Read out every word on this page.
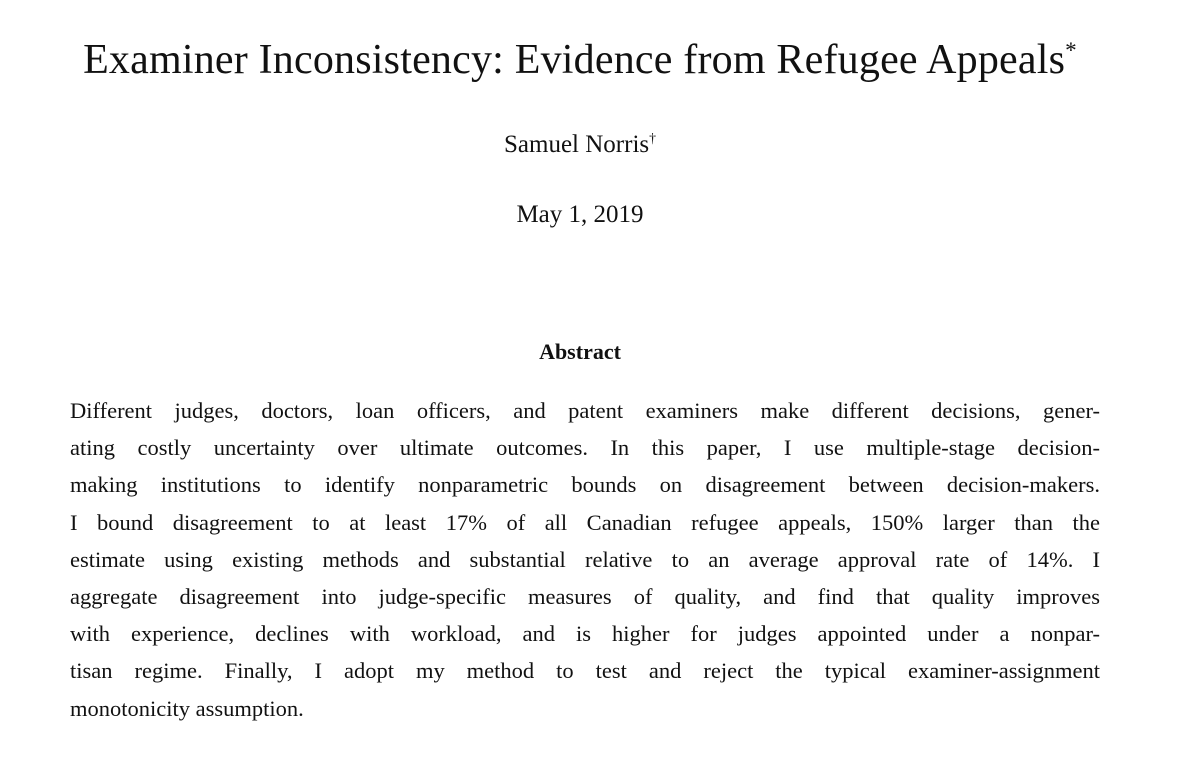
Examiner Inconsistency: Evidence from Refugee Appeals*
Samuel Norris†
May 1, 2019
Abstract
Different judges, doctors, loan officers, and patent examiners make different decisions, gener-
ating costly uncertainty over ultimate outcomes. In this paper, I use multiple-stage decision-
making institutions to identify nonparametric bounds on disagreement between decision-makers.
I bound disagreement to at least 17% of all Canadian refugee appeals, 150% larger than the
estimate using existing methods and substantial relative to an average approval rate of 14%. I
aggregate disagreement into judge-specific measures of quality, and find that quality improves
with experience, declines with workload, and is higher for judges appointed under a nonpar-
tisan regime. Finally, I adopt my method to test and reject the typical examiner-assignment
monotonicity assumption.
